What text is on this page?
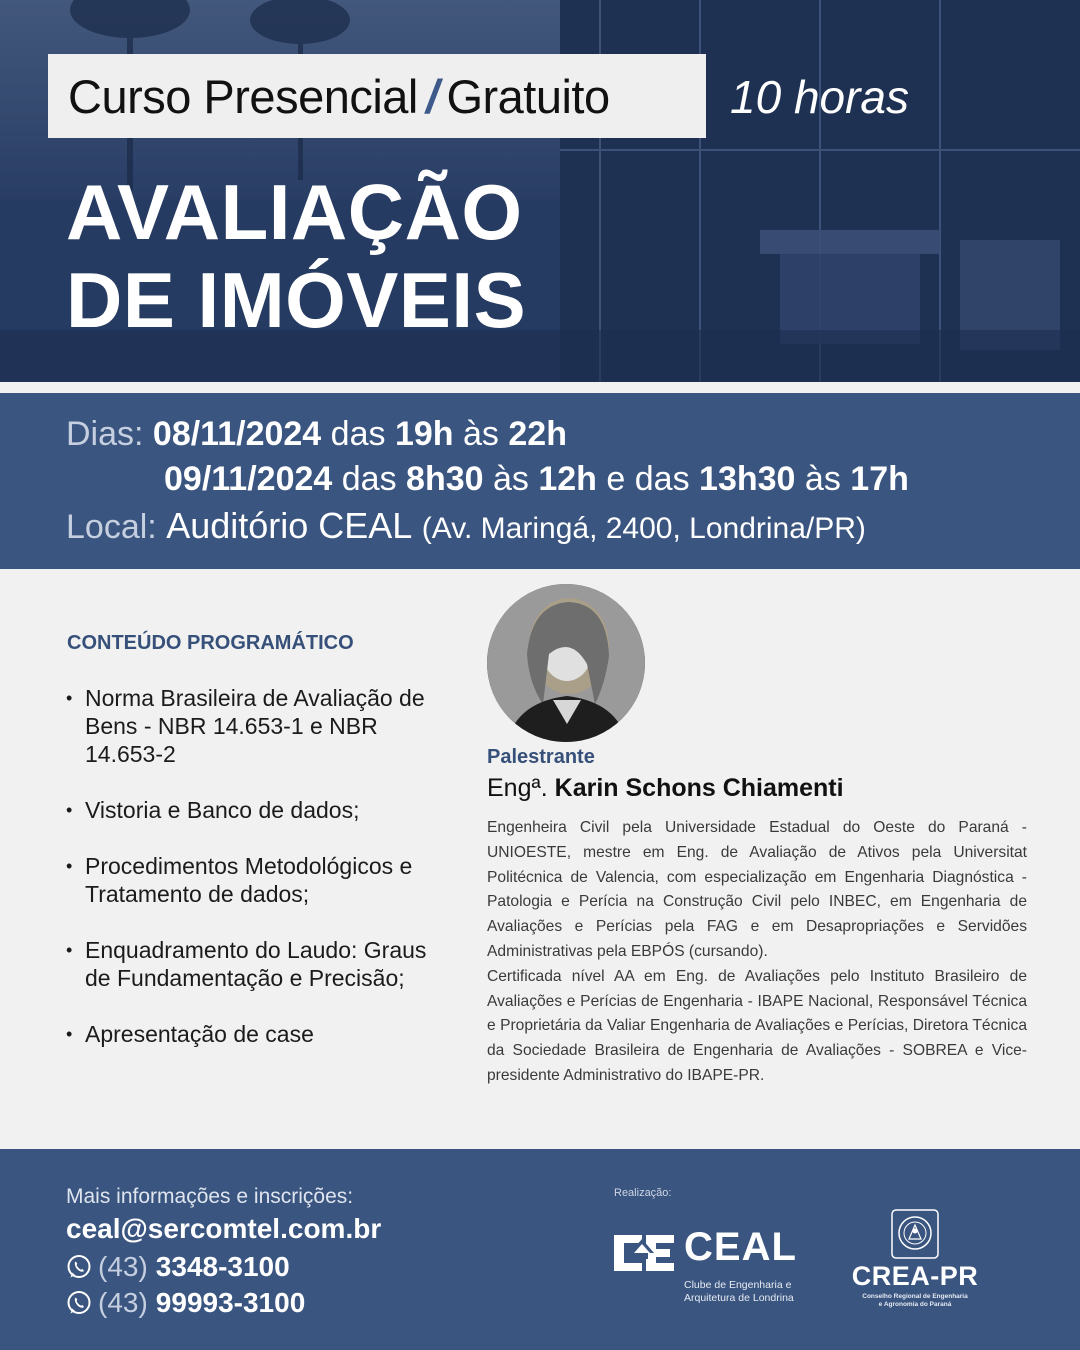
Curso Presencial / Gratuito	10 horas
AVALIAÇÃO
DE IMÓVEIS
Dias: 08/11/2024 das 19h às 22h
09/11/2024 das 8h30 às 12h e das 13h30 às 17h
Local: Auditório CEAL (Av. Maringá, 2400, Londrina/PR)
CONTEÚDO PROGRAMÁTICO
• Norma Brasileira de Avaliação de Bens - NBR 14.653-1 e NBR 14.653-2
• Vistoria e Banco de dados;
• Procedimentos Metodológicos e Tratamento de dados;
• Enquadramento do Laudo: Graus de Fundamentação e Precisão;
• Apresentação de case
Palestrante
Engª. Karin Schons Chiamenti

Engenheira Civil pela Universidade Estadual do Oeste do Paraná - UNIOESTE, mestre em Eng. de Avaliação de Ativos pela Universitat Politécnica de Valencia, com especialização em Engenharia Diagnóstica - Patologia e Perícia na Construção Civil pelo INBEC, em Engenharia de Avaliações e Perícias pela FAG e em Desapropriações e Servidões Administrativas pela EBPÓS (cursando).

Certificada nível AA em Eng. de Avaliações pelo Instituto Brasileiro de Avaliações e Perícias de Engenharia - IBAPE Nacional, Responsável Técnica e Proprietária da Valiar Engenharia de Avaliações e Perícias, Diretora Técnica da Sociedade Brasileira de Engenharia de Avaliações - SOBREA e Vice-presidente Administrativo do IBAPE-PR.

Mais informações e inscrições:
ceal@sercomtel.com.br
(43) 3348-3100
(43) 99993-3100
Realização:
CEAL
Clube de Engenharia e
Arquitetura de Londrina
CREA-PR
Conselho Regional de Engenharia
e Agronomia do Paraná
